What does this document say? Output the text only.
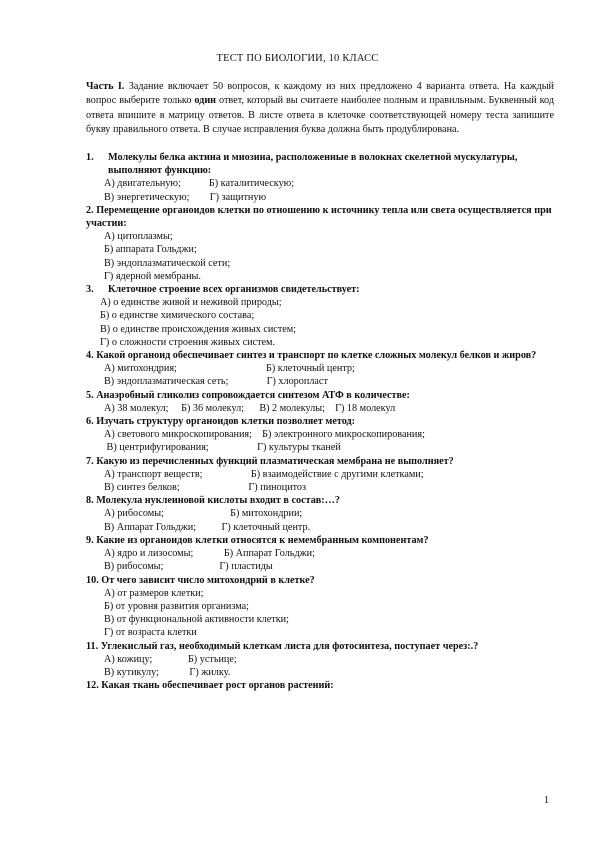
ТЕСТ ПО БИОЛОГИИ, 10 КЛАСС
Часть I. Задание включает 50 вопросов, к каждому из них предложено 4 варианта ответа. На каждый вопрос выберите только один ответ, который вы считаете наиболее полным и правильным. Буквенный код ответа впишите в матрицу ответов. В листе ответа в клеточке соответствующей номеру теста запишите букву правильного ответа. В случае исправления буква должна быть продублирована.
1.	Молекулы белка актина и миозина, расположенные в волокнах скелетной мускулатуры, выполняют функцию:
А) двигательную;           Б) каталитическую;
В) энергетическую;        Г) защитную
2. Перемещение органоидов клетки по отношению к источнику тепла или света осуществляется при участии:
А) цитоплазмы;
Б) аппарата Гольджи;
В) эндоплазматической сети;
Г) ядерной мембраны.
3.	Клеточное строение всех организмов свидетельствует:
А) о единстве живой и неживой природы;
Б) о единстве химического состава;
В) о единстве происхождения живых систем;
Г) о сложности строения живых систем.
4. Какой органоид обеспечивает синтез и транспорт по клетке сложных молекул белков и жиров?
А) митохондрия;                                   Б) клеточный центр;
В) эндоплазматическая сеть;               Г) хлоропласт
5. Анаэробный гликолиз сопровождается синтезом АТФ в количестве:
А) 38 молекул;     Б) 36 молекул;      В) 2 молекулы;    Г) 18 молекул
6. Изучать структуру органоидов клетки позволяет метод:
А) светового микроскопирования;    Б) электронного микроскопирования;
В) центрифугирования;                   Г) культуры тканей
7. Какую из перечисленных функций плазматическая мембрана не выполняет?
А) транспорт веществ;                   Б) взаимодействие с другими клетками;
В) синтез белков;                           Г) пиноцитоз
8. Молекула нуклеиновой кислоты входит в состав:…?
А) рибосомы;                          Б) митохондрии;
В) Аппарат Гольджи;          Г) клеточный центр.
9. Какие из органоидов клетки относятся к немембранным компонентам?
А) ядро и лизосомы;            Б) Аппарат Гольджи;
В) рибосомы;                      Г) пластиды
10. От чего зависит число митохондрий в клетке?
А) от размеров клетки;
Б) от уровня развития организма;
В) от функциональной активности клетки;
Г) от возраста клетки
11. Углекислый газ, необходимый клеткам листа для фотосинтеза, поступает через:.?
А) кожицу;              Б) устьице;
В) кутикулу;            Г) жилку.
12. Какая ткань обеспечивает рост органов растений:
1
